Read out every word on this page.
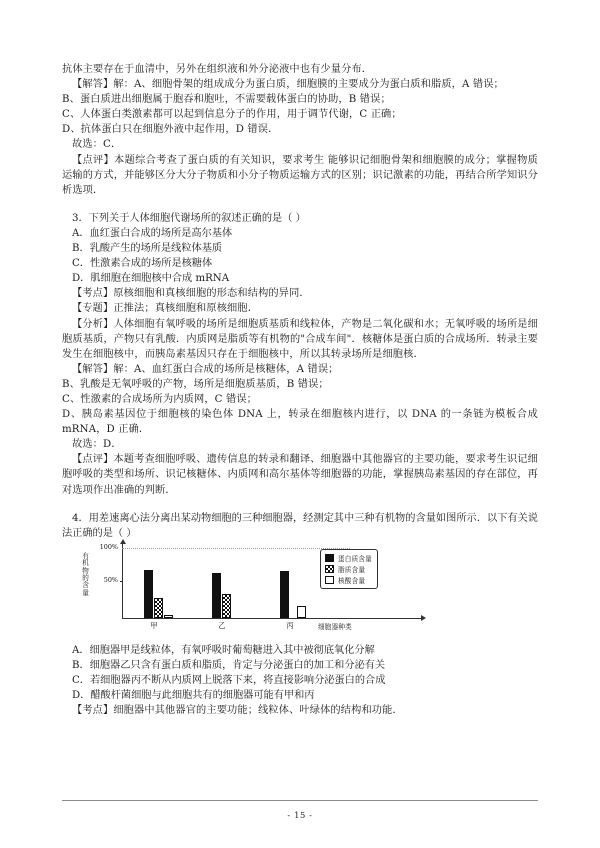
抗体主要存在于血清中，另外在组织液和外分泌液中也有少量分布．

【解答】解：A、细胞骨架的组成成分为蛋白质，细胞膜的主要成分为蛋白质和脂质，A 错误；

B、蛋白质进出细胞属于胞吞和胞吐，不需要载体蛋白的协助，B 错误；

C、人体蛋白类激素都可以起到信息分子的作用，用于调节代谢，C 正确；

D、抗体蛋白只在细胞外液中起作用，D 错误．

故选：C．

【点评】本题综合考查了蛋白质的有关知识，要求考生 能够识记细胞骨架和细胞膜的成分；掌握物质运输的方式，并能够区分大分子物质和小分子物质运输方式的区别；识记激素的功能，再结合所学知识分析选项．

3．下列关于人体细胞代谢场所的叙述正确的是（ ）

A．血红蛋白合成的场所是高尔基体

B．乳酸产生的场所是线粒体基质

C．性激素合成的场所是核糖体

D．肌细胞在细胞核中合成 mRNA

【考点】原核细胞和真核细胞的形态和结构的异同．

【专题】正推法；真核细胞和原核细胞．

【分析】人体细胞有氧呼吸的场所是细胞质基质和线粒体，产物是二氧化碳和水；无氧呼吸的场所是细胞质基质，产物只有乳酸．内质网是脂质等有机物的"合成车间"．核糖体是蛋白质的合成场所．转录主要发生在细胞核中，而胰岛素基因只存在于细胞核中，所以其转录场所是细胞核．

【解答】解：A、血红蛋白合成的场所是核糖体，A 错误；

B、乳酸是无氧呼吸的产物，场所是细胞质基质，B 错误；

C、性激素的合成场所为内质网，C 错误；

D、胰岛素基因位于细胞核的染色体 DNA 上，转录在细胞核内进行，以 DNA 的一条链为模板合成 mRNA，D 正确．

故选：D．

【点评】本题考查细胞呼吸、遗传信息的转录和翻译、细胞器中其他器官的主要功能，要求考生识记细胞呼吸的类型和场所、识记核糖体、内质网和高尔基体等细胞器的功能，掌握胰岛素基因的存在部位，再对选项作出准确的判断．

4．用差速离心法分离出某动物细胞的三种细胞器，经测定其中三种有机物的含量如图所示．以下有关说法正确的是（ ）

有
机
物
的
含
量
100%
50%
甲	乙	丙	细胞器种类
蛋白质含量
脂质含量
核酸含量

A．细胞器甲是线粒体，有氧呼吸时葡萄糖进入其中被彻底氧化分解

B．细胞器乙只含有蛋白质和脂质，肯定与分泌蛋白的加工和分泌有关

C．若细胞器丙不断从内质网上脱落下来，将直接影响分泌蛋白的合成

D．醋酸杆菌细胞与此细胞共有的细胞器可能有甲和丙

【考点】细胞器中其他器官的主要功能；线粒体、叶绿体的结构和功能．

- 15 -
